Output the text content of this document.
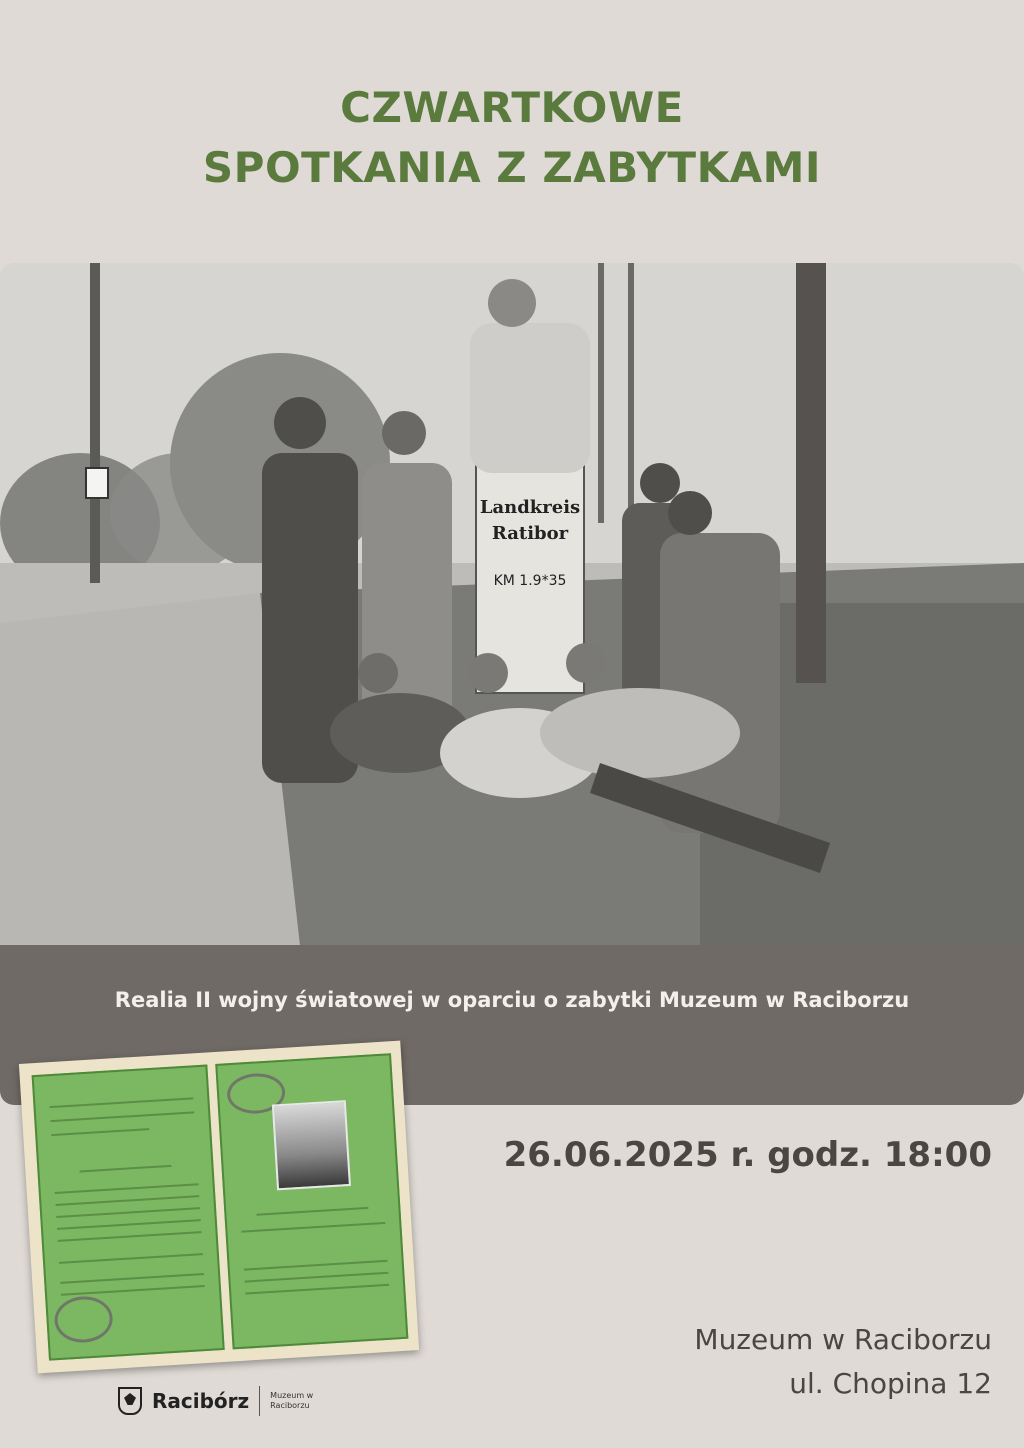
CZWARTKOWE
SPOTKANIA Z ZABYTKAMI
Landkreis
Ratibor
KM 1.9*35
Realia II wojny światowej w oparciu o zabytki Muzeum w Raciborzu
26.06.2025 r. godz. 18:00
Muzeum w Raciborzu
ul. Chopina 12
Racibórz	Muzeum w Raciborzu
